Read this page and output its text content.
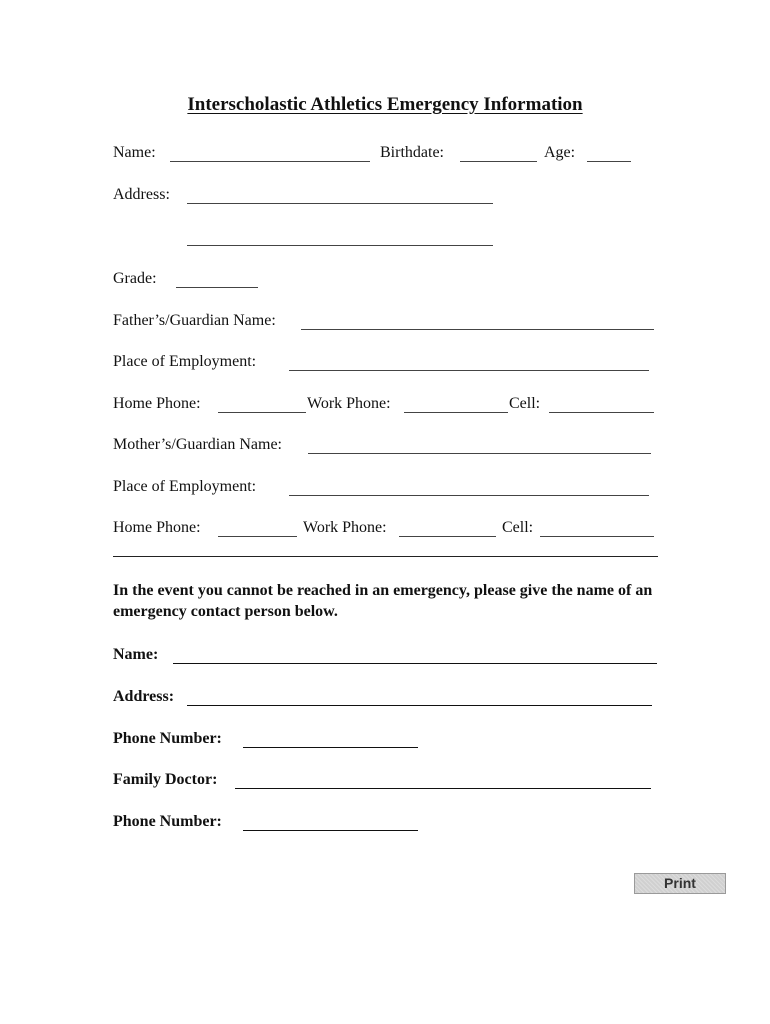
Interscholastic Athletics Emergency Information
Name:	Birthdate:	Age:
Address:
Grade:
Father’s/Guardian Name:
Place of Employment:
Home Phone:	Work Phone:	Cell:
Mother’s/Guardian Name:
Place of Employment:
Home Phone:	Work Phone:	Cell:
In the event you cannot be reached in an emergency, please give the name of an emergency contact person below.
Name:
Address:
Phone Number:
Family Doctor:
Phone Number:
Print
